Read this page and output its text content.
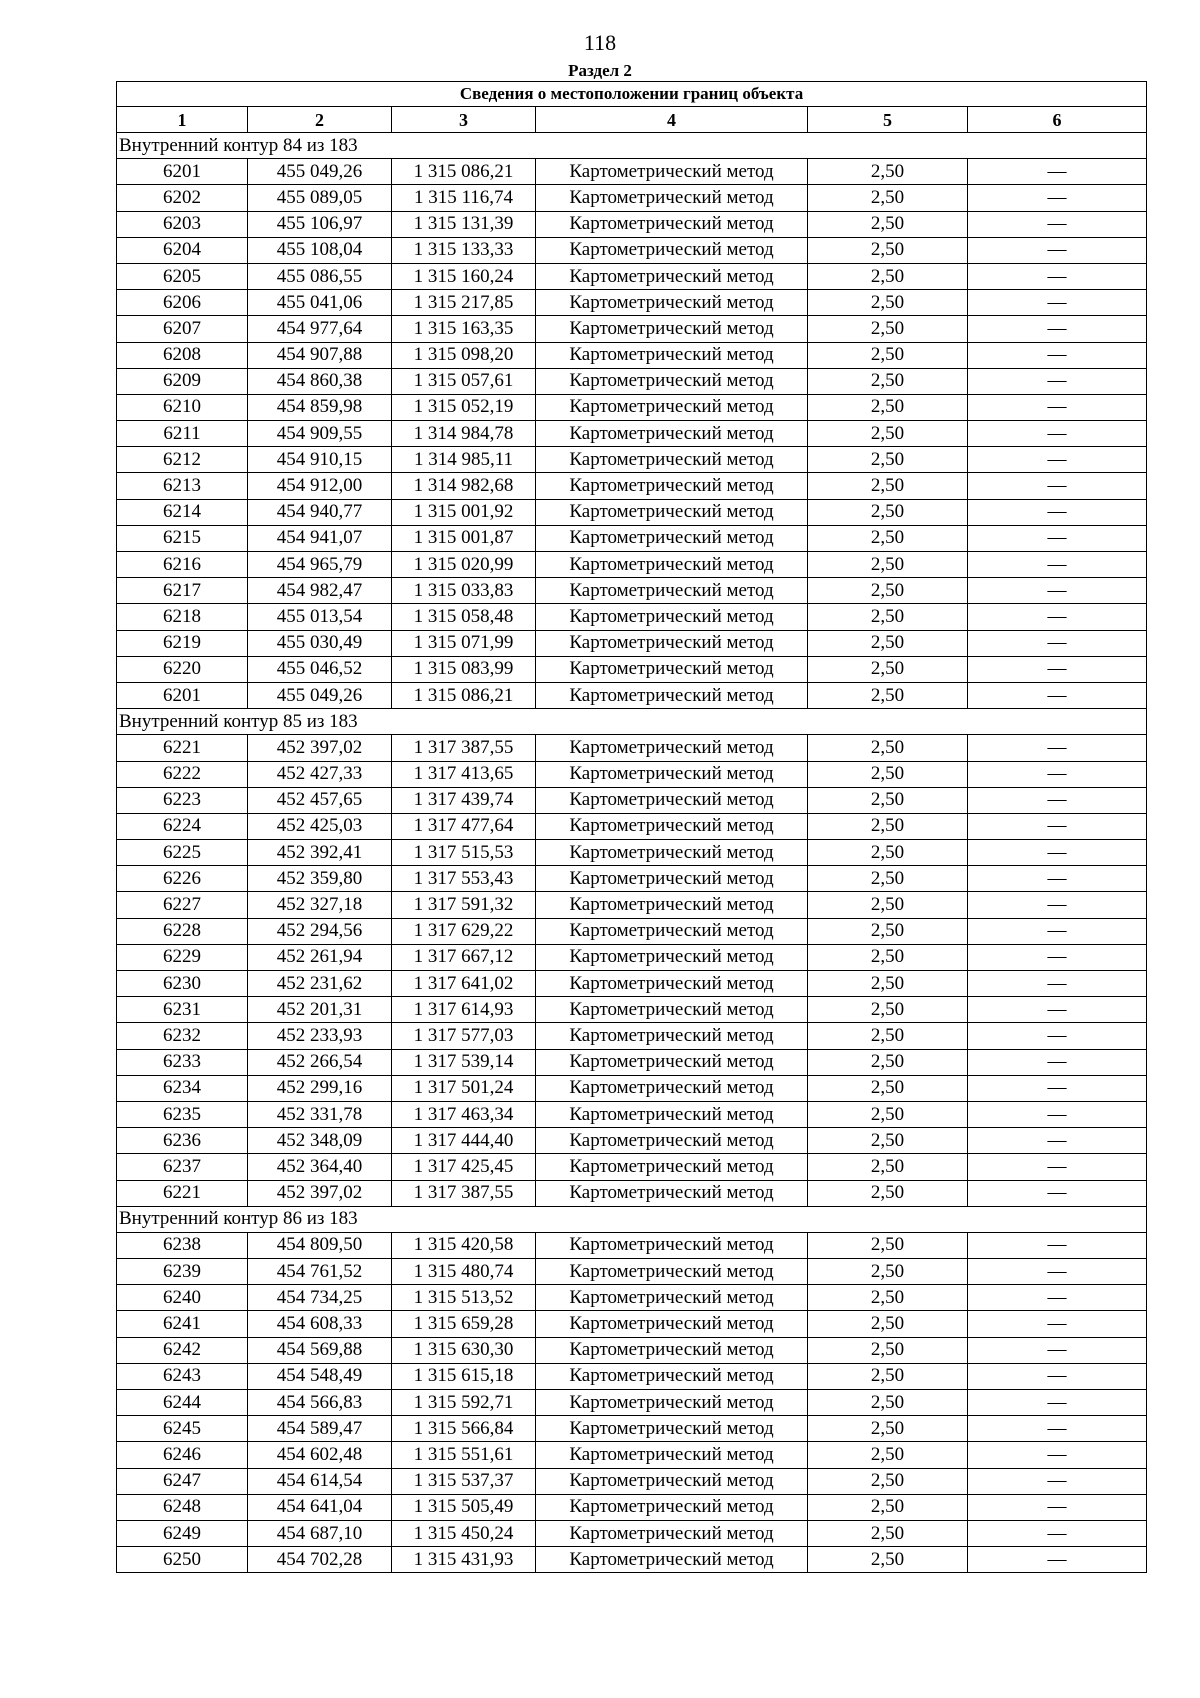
118
Раздел 2
Сведения о местоположении границ объекта					
1	2	3	4	5	6
Внутренний контур 84 из 183					
6201	455 049,26	1 315 086,21	Картометрический метод	2,50	—
6202	455 089,05	1 315 116,74	Картометрический метод	2,50	—
6203	455 106,97	1 315 131,39	Картометрический метод	2,50	—
6204	455 108,04	1 315 133,33	Картометрический метод	2,50	—
6205	455 086,55	1 315 160,24	Картометрический метод	2,50	—
6206	455 041,06	1 315 217,85	Картометрический метод	2,50	—
6207	454 977,64	1 315 163,35	Картометрический метод	2,50	—
6208	454 907,88	1 315 098,20	Картометрический метод	2,50	—
6209	454 860,38	1 315 057,61	Картометрический метод	2,50	—
6210	454 859,98	1 315 052,19	Картометрический метод	2,50	—
6211	454 909,55	1 314 984,78	Картометрический метод	2,50	—
6212	454 910,15	1 314 985,11	Картометрический метод	2,50	—
6213	454 912,00	1 314 982,68	Картометрический метод	2,50	—
6214	454 940,77	1 315 001,92	Картометрический метод	2,50	—
6215	454 941,07	1 315 001,87	Картометрический метод	2,50	—
6216	454 965,79	1 315 020,99	Картометрический метод	2,50	—
6217	454 982,47	1 315 033,83	Картометрический метод	2,50	—
6218	455 013,54	1 315 058,48	Картометрический метод	2,50	—
6219	455 030,49	1 315 071,99	Картометрический метод	2,50	—
6220	455 046,52	1 315 083,99	Картометрический метод	2,50	—
6201	455 049,26	1 315 086,21	Картометрический метод	2,50	—
Внутренний контур 85 из 183					
6221	452 397,02	1 317 387,55	Картометрический метод	2,50	—
6222	452 427,33	1 317 413,65	Картометрический метод	2,50	—
6223	452 457,65	1 317 439,74	Картометрический метод	2,50	—
6224	452 425,03	1 317 477,64	Картометрический метод	2,50	—
6225	452 392,41	1 317 515,53	Картометрический метод	2,50	—
6226	452 359,80	1 317 553,43	Картометрический метод	2,50	—
6227	452 327,18	1 317 591,32	Картометрический метод	2,50	—
6228	452 294,56	1 317 629,22	Картометрический метод	2,50	—
6229	452 261,94	1 317 667,12	Картометрический метод	2,50	—
6230	452 231,62	1 317 641,02	Картометрический метод	2,50	—
6231	452 201,31	1 317 614,93	Картометрический метод	2,50	—
6232	452 233,93	1 317 577,03	Картометрический метод	2,50	—
6233	452 266,54	1 317 539,14	Картометрический метод	2,50	—
6234	452 299,16	1 317 501,24	Картометрический метод	2,50	—
6235	452 331,78	1 317 463,34	Картометрический метод	2,50	—
6236	452 348,09	1 317 444,40	Картометрический метод	2,50	—
6237	452 364,40	1 317 425,45	Картометрический метод	2,50	—
6221	452 397,02	1 317 387,55	Картометрический метод	2,50	—
Внутренний контур 86 из 183					
6238	454 809,50	1 315 420,58	Картометрический метод	2,50	—
6239	454 761,52	1 315 480,74	Картометрический метод	2,50	—
6240	454 734,25	1 315 513,52	Картометрический метод	2,50	—
6241	454 608,33	1 315 659,28	Картометрический метод	2,50	—
6242	454 569,88	1 315 630,30	Картометрический метод	2,50	—
6243	454 548,49	1 315 615,18	Картометрический метод	2,50	—
6244	454 566,83	1 315 592,71	Картометрический метод	2,50	—
6245	454 589,47	1 315 566,84	Картометрический метод	2,50	—
6246	454 602,48	1 315 551,61	Картометрический метод	2,50	—
6247	454 614,54	1 315 537,37	Картометрический метод	2,50	—
6248	454 641,04	1 315 505,49	Картометрический метод	2,50	—
6249	454 687,10	1 315 450,24	Картометрический метод	2,50	—
6250	454 702,28	1 315 431,93	Картометрический метод	2,50	—
